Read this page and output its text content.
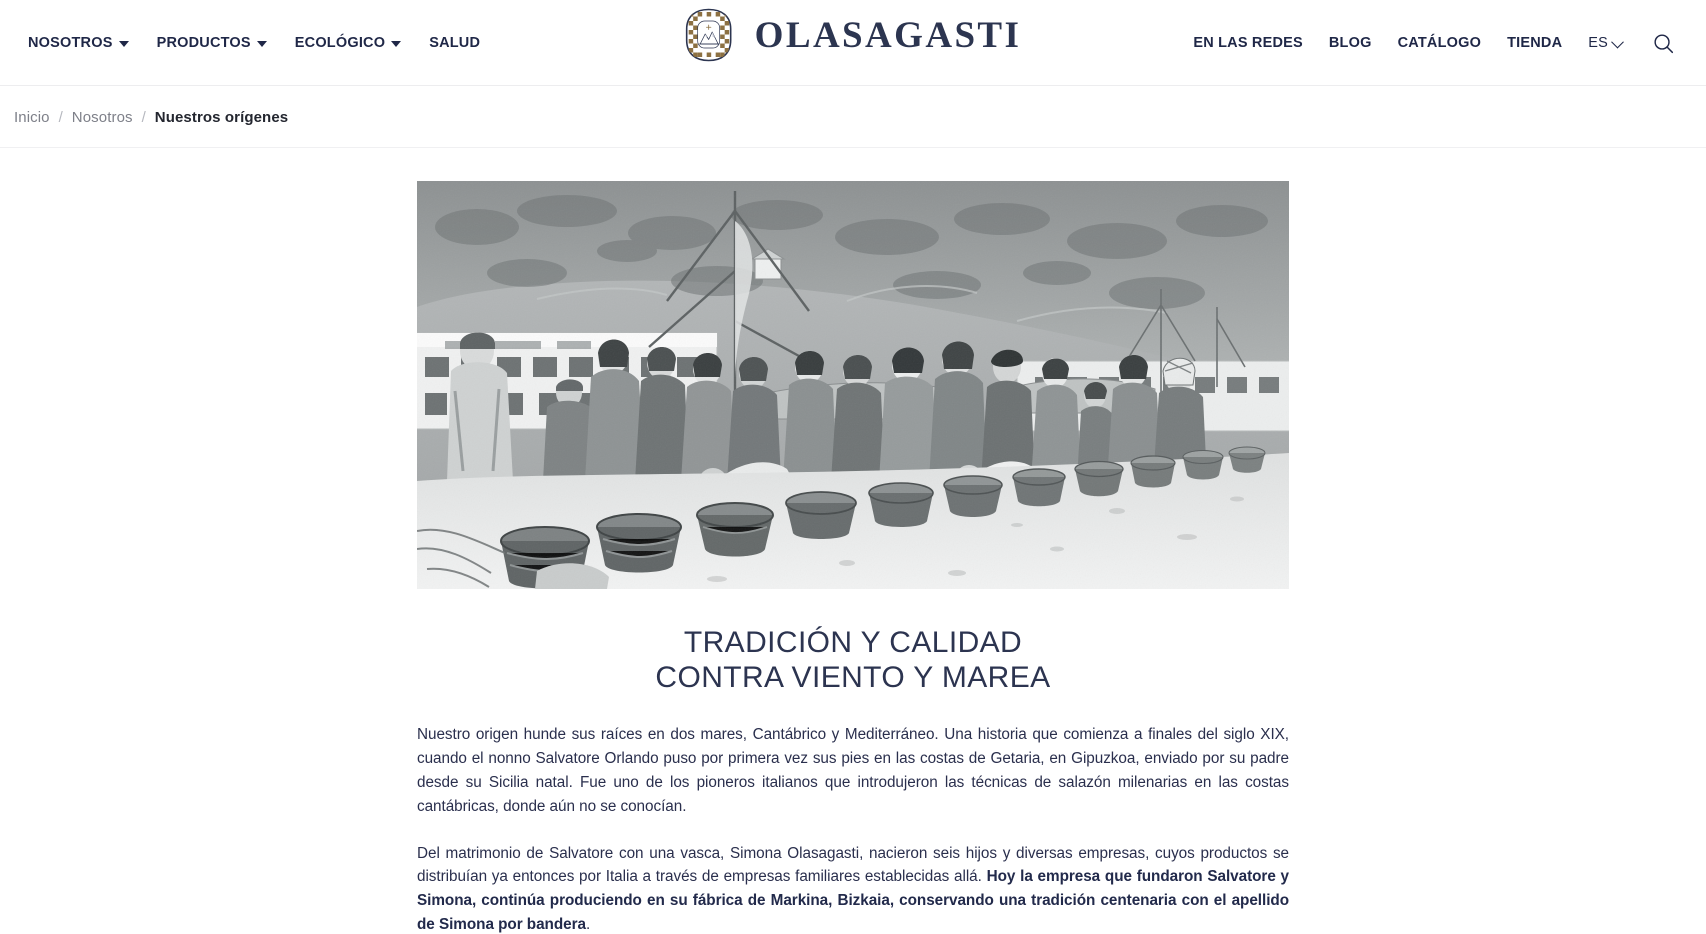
NOSOTROS	PRODUCTOS	ECOLÓGICO	SALUD	OLASAGASTI	EN LAS REDES BLOG CATÁLOGO TIENDA ES
Inicio / Nosotros / Nuestros orígenes
TRADICIÓN Y CALIDAD
CONTRA VIENTO Y MAREA

Nuestro origen hunde sus raíces en dos mares, Cantábrico y Mediterráneo. Una historia que comienza a finales del siglo XIX, cuando el nonno Salvatore Orlando puso por primera vez sus pies en las costas de Getaria, en Gipuzkoa, enviado por su padre desde su Sicilia natal. Fue uno de los pioneros italianos que introdujeron las técnicas de salazón milenarias en las costas cantábricas, donde aún no se conocían.

Del matrimonio de Salvatore con una vasca, Simona Olasagasti, nacieron seis hijos y diversas empresas, cuyos productos se distribuían ya entonces por Italia a través de empresas familiares establecidas allá. Hoy la empresa que fundaron Salvatore y Simona, continúa produciendo en su fábrica de Markina, Bizkaia, conservando una tradición centenaria con el apellido de Simona por bandera.
